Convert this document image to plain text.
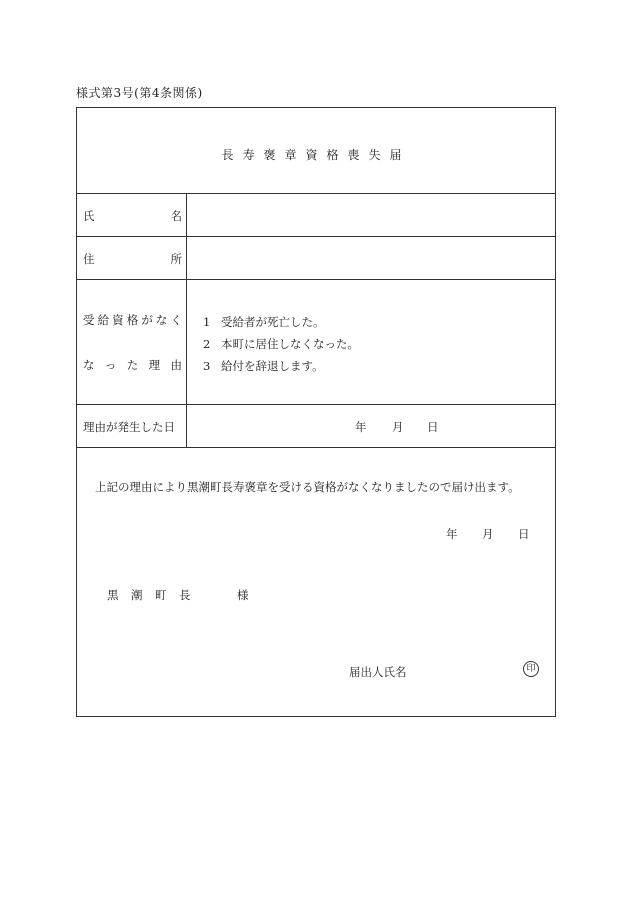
様式第3号(第4条関係)
長寿褒章資格喪失届
氏	名
住	所
受 給 資 格 が な く
な っ た 理 由
1 受給者が死亡した。
2 本町に居住しなくなった。
3 給付を辞退します。
理由が発生した日	年 月 日
上記の理由により黒潮町長寿褒章を受ける資格がなくなりましたので届け出ます。
年 月 日
黒 潮 町 長	様
届出人氏名	印
